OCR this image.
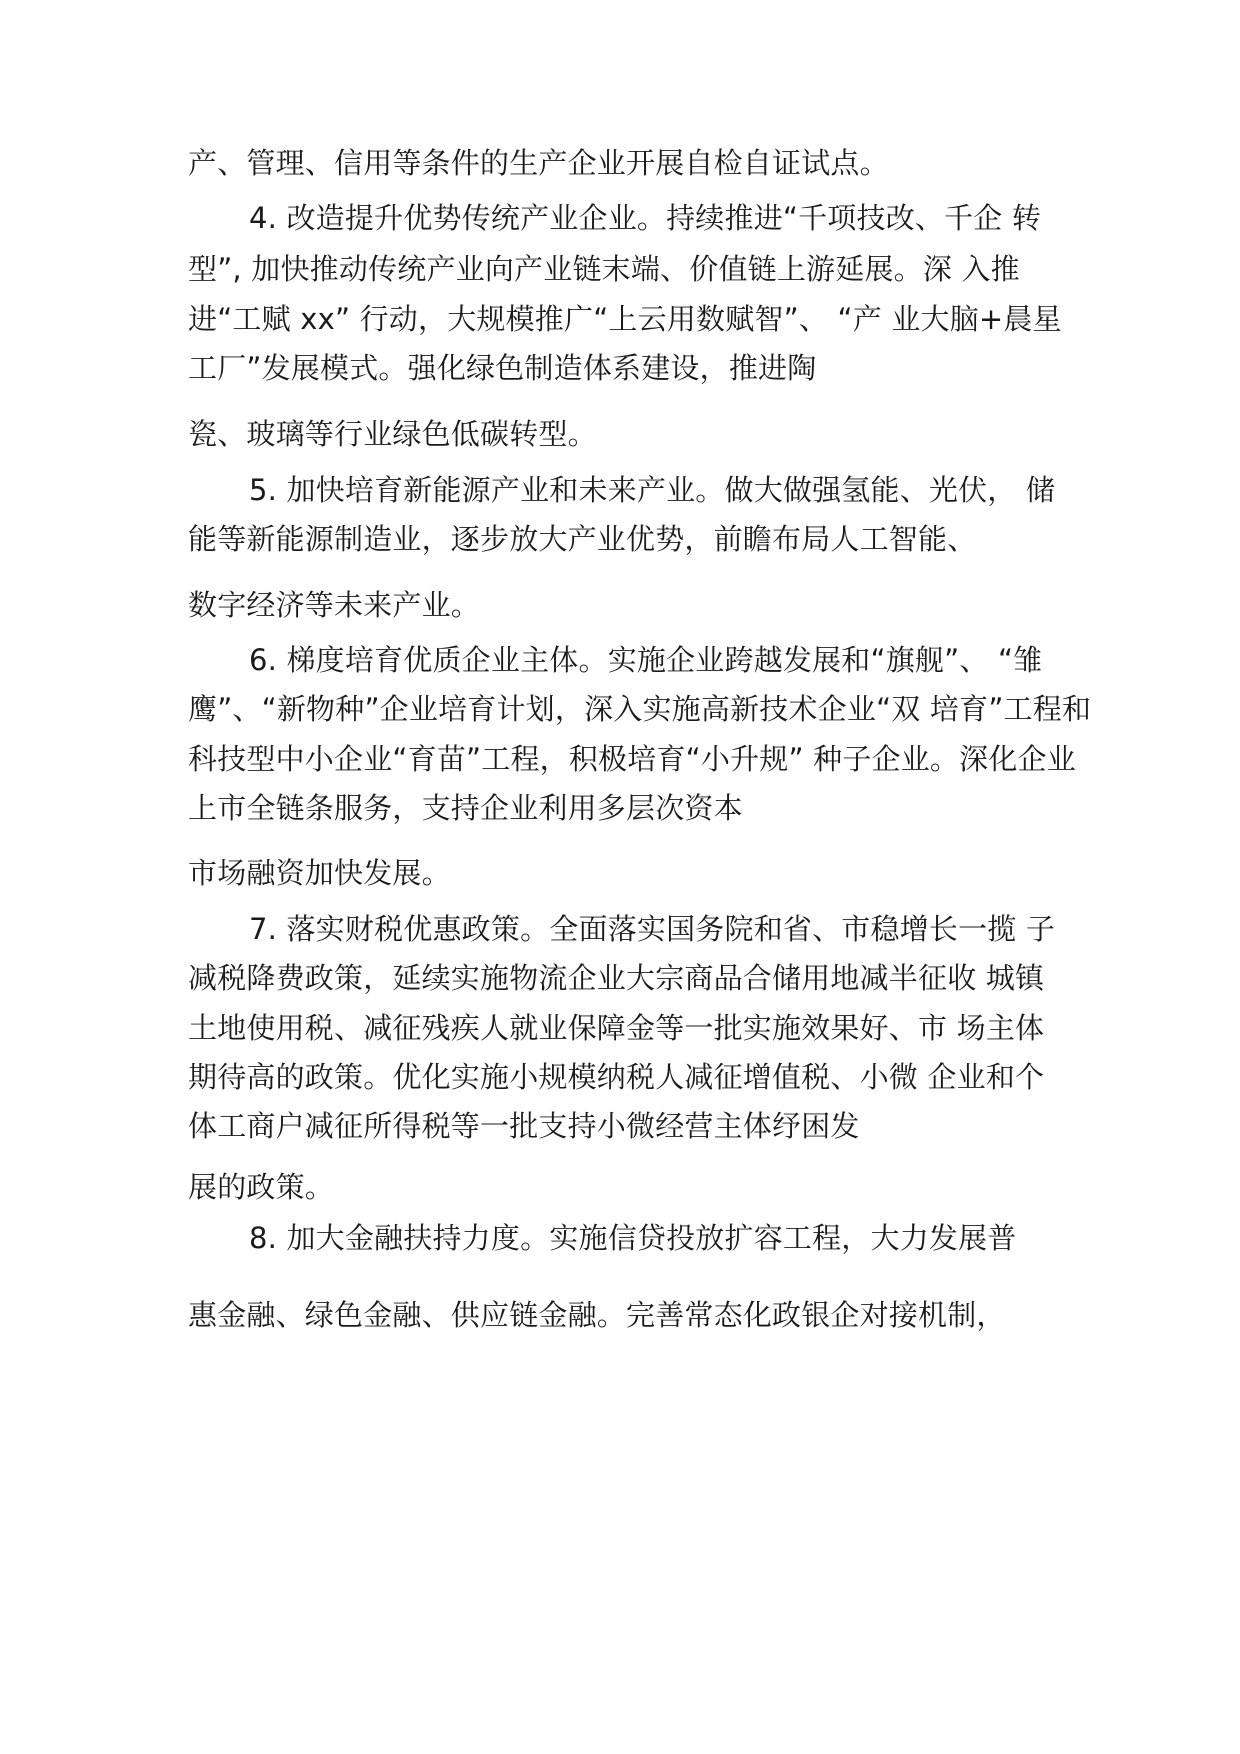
产、管理、信用等条件的生产企业开展自检自证试点。

4. 改造提升优势传统产业企业。持续推进“千项技改、千企 转

型”, 加快推动传统产业向产业链末端、价值链上游延展。深 入推

进“工赋 xx” 行动，大规模推广“上云用数赋智”、 “产 业大脑+晨星

工厂”发展模式。强化绿色制造体系建设，推进陶

瓷、玻璃等行业绿色低碳转型。

5. 加快培育新能源产业和未来产业。做大做强氢能、光伏， 储

能等新能源制造业，逐步放大产业优势，前瞻布局人工智能、

数字经济等未来产业。

6. 梯度培育优质企业主体。实施企业跨越发展和“旗舰”、 “雏

鹰”、“新物种”企业培育计划，深入实施高新技术企业“双 培育”工程和

科技型中小企业“育苗”工程，积极培育“小升规” 种子企业。深化企业

上市全链条服务，支持企业利用多层次资本

市场融资加快发展。

7. 落实财税优惠政策。全面落实国务院和省、市稳增长一揽 子

减税降费政策，延续实施物流企业大宗商品合储用地减半征收 城镇

土地使用税、减征残疾人就业保障金等一批实施效果好、市 场主体

期待高的政策。优化实施小规模纳税人减征增值税、小微 企业和个

体工商户减征所得税等一批支持小微经营主体纾困发

展的政策。

8. 加大金融扶持力度。实施信贷投放扩容工程，大力发展普

惠金融、绿色金融、供应链金融。完善常态化政银企对接机制，
